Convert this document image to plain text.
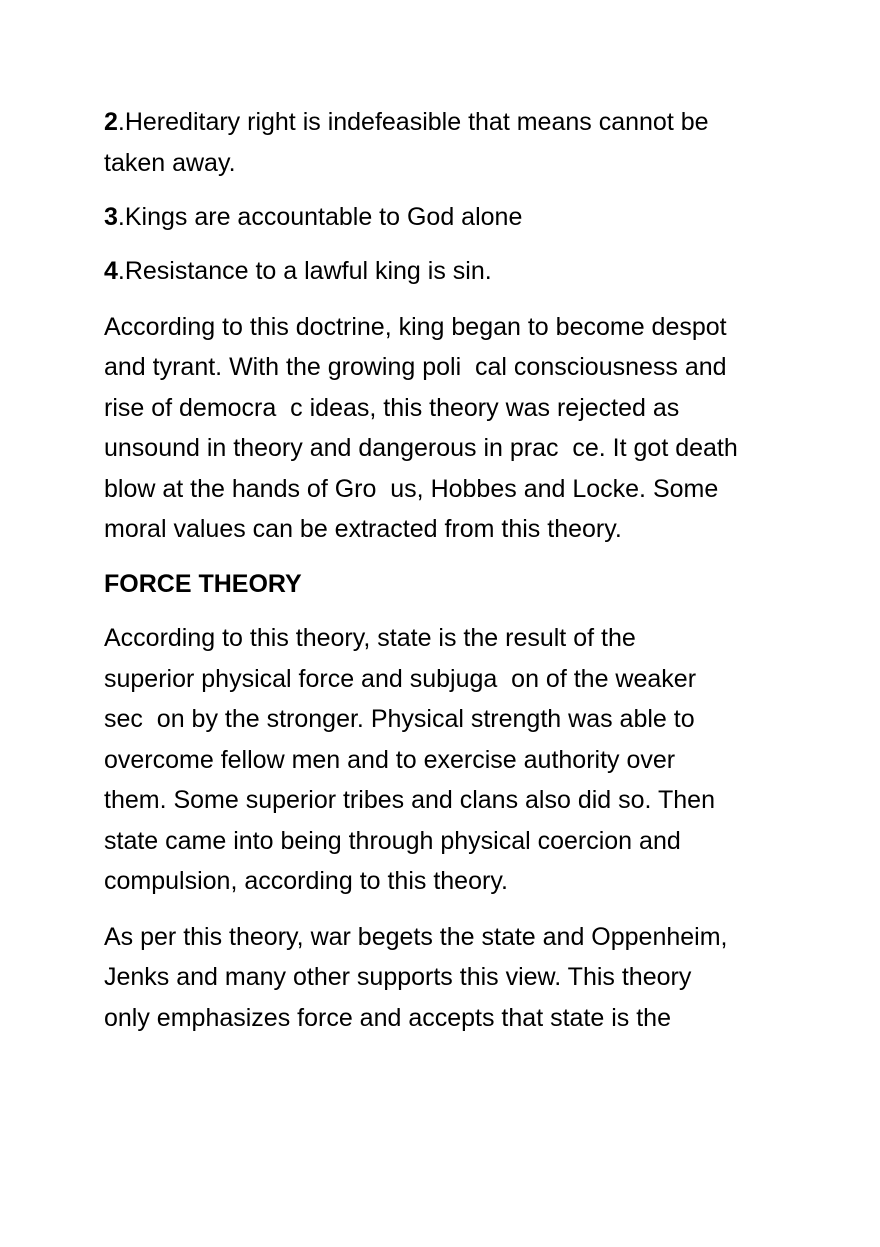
2.Hereditary right is indefeasible that means cannot be
taken away.
3.Kings are accountable to God alone
4.Resistance to a lawful king is sin.
According to this doctrine, king began to become despot
and tyrant. With the growing poli  cal consciousness and
rise of democra  c ideas, this theory was rejected as
unsound in theory and dangerous in prac  ce. It got death
blow at the hands of Gro  us, Hobbes and Locke. Some
moral values can be extracted from this theory.
FORCE THEORY
According to this theory, state is the result of the
superior physical force and subjuga  on of the weaker
sec  on by the stronger. Physical strength was able to
overcome fellow men and to exercise authority over
them. Some superior tribes and clans also did so. Then
state came into being through physical coercion and
compulsion, according to this theory.
As per this theory, war begets the state and Oppenheim,
Jenks and many other supports this view. This theory
only emphasizes force and accepts that state is the
